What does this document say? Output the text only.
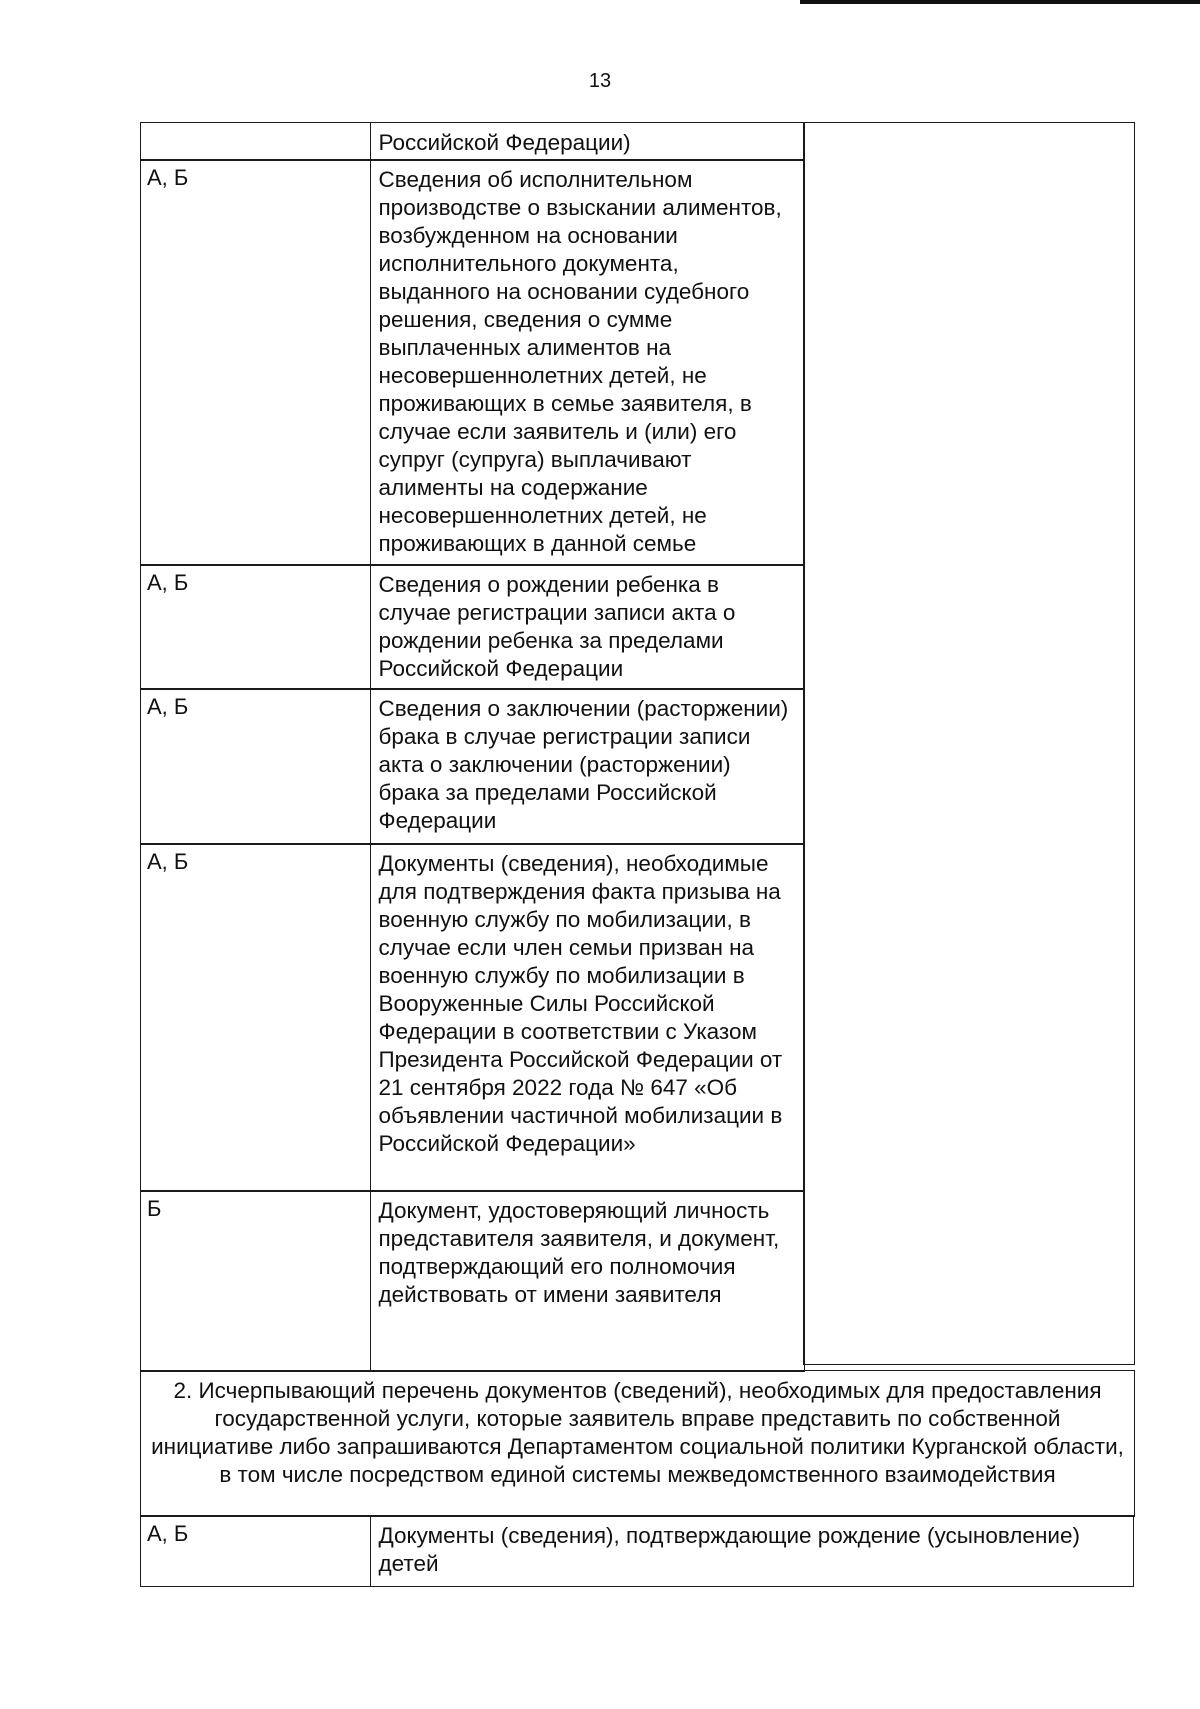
13
Российской Федерации)
А, Б	Сведения об исполнительном производстве о взыскании алиментов, возбужденном на основании исполнительного документа, выданного на основании судебного решения, сведения о сумме выплаченных алиментов на несовершеннолетних детей, не проживающих в семье заявителя, в случае если заявитель и (или) его супруг (супруга) выплачивают алименты на содержание несовершеннолетних детей, не проживающих в данной семье
А, Б	Сведения о рождении ребенка в случае регистрации записи акта о рождении ребенка за пределами Российской Федерации
А, Б	Сведения о заключении (расторжении) брака в случае регистрации записи акта о заключении (расторжении) брака за пределами Российской Федерации
А, Б	Документы (сведения), необходимые для подтверждения факта призыва на военную службу по мобилизации, в случае если член семьи призван на военную службу по мобилизации в Вооруженные Силы Российской Федерации в соответствии с Указом Президента Российской Федерации от 21 сентября 2022 года № 647 «Об объявлении частичной мобилизации в Российской Федерации»
Б	Документ, удостоверяющий личность представителя заявителя, и документ, подтверждающий его полномочия действовать от имени заявителя
2. Исчерпывающий перечень документов (сведений), необходимых для предоставления государственной услуги, которые заявитель вправе представить по собственной инициативе либо запрашиваются Департаментом социальной политики Курганской области, в том числе посредством единой системы межведомственного взаимодействия
А, Б	Документы (сведения), подтверждающие рождение (усыновление) детей
